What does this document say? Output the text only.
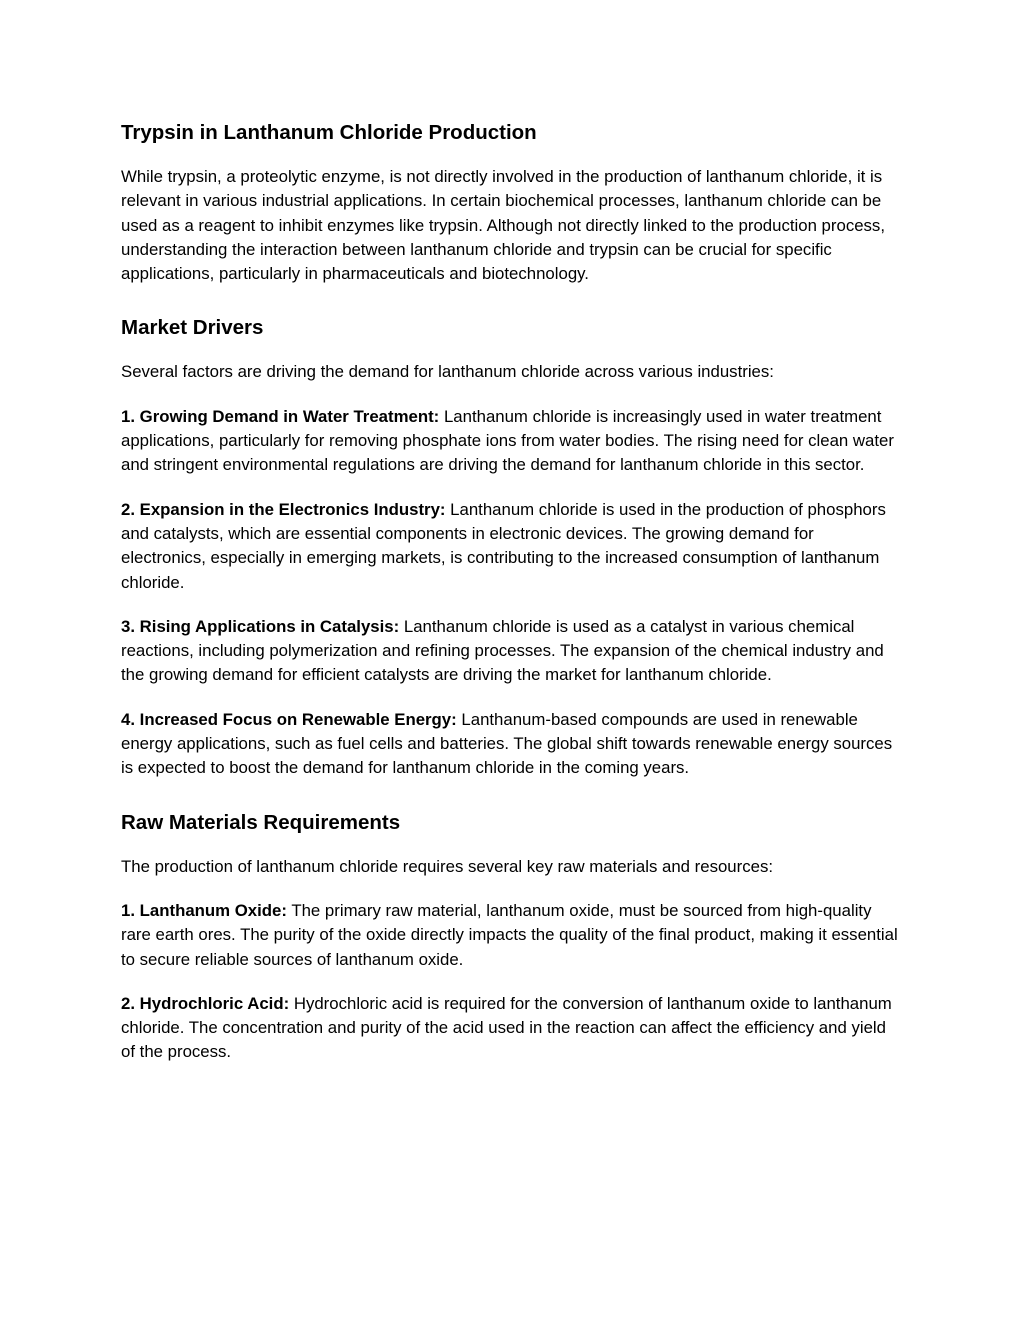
Trypsin in Lanthanum Chloride Production

While trypsin, a proteolytic enzyme, is not directly involved in the production of lanthanum chloride, it is relevant in various industrial applications. In certain biochemical processes, lanthanum chloride can be used as a reagent to inhibit enzymes like trypsin. Although not directly linked to the production process, understanding the interaction between lanthanum chloride and trypsin can be crucial for specific applications, particularly in pharmaceuticals and biotechnology.

Market Drivers

Several factors are driving the demand for lanthanum chloride across various industries:

1. Growing Demand in Water Treatment: Lanthanum chloride is increasingly used in water treatment applications, particularly for removing phosphate ions from water bodies. The rising need for clean water and stringent environmental regulations are driving the demand for lanthanum chloride in this sector.

2. Expansion in the Electronics Industry: Lanthanum chloride is used in the production of phosphors and catalysts, which are essential components in electronic devices. The growing demand for electronics, especially in emerging markets, is contributing to the increased consumption of lanthanum chloride.

3. Rising Applications in Catalysis: Lanthanum chloride is used as a catalyst in various chemical reactions, including polymerization and refining processes. The expansion of the chemical industry and the growing demand for efficient catalysts are driving the market for lanthanum chloride.

4. Increased Focus on Renewable Energy: Lanthanum-based compounds are used in renewable energy applications, such as fuel cells and batteries. The global shift towards renewable energy sources is expected to boost the demand for lanthanum chloride in the coming years.

Raw Materials Requirements

The production of lanthanum chloride requires several key raw materials and resources:

1. Lanthanum Oxide: The primary raw material, lanthanum oxide, must be sourced from high-quality rare earth ores. The purity of the oxide directly impacts the quality of the final product, making it essential to secure reliable sources of lanthanum oxide.

2. Hydrochloric Acid: Hydrochloric acid is required for the conversion of lanthanum oxide to lanthanum chloride. The concentration and purity of the acid used in the reaction can affect the efficiency and yield of the process.
